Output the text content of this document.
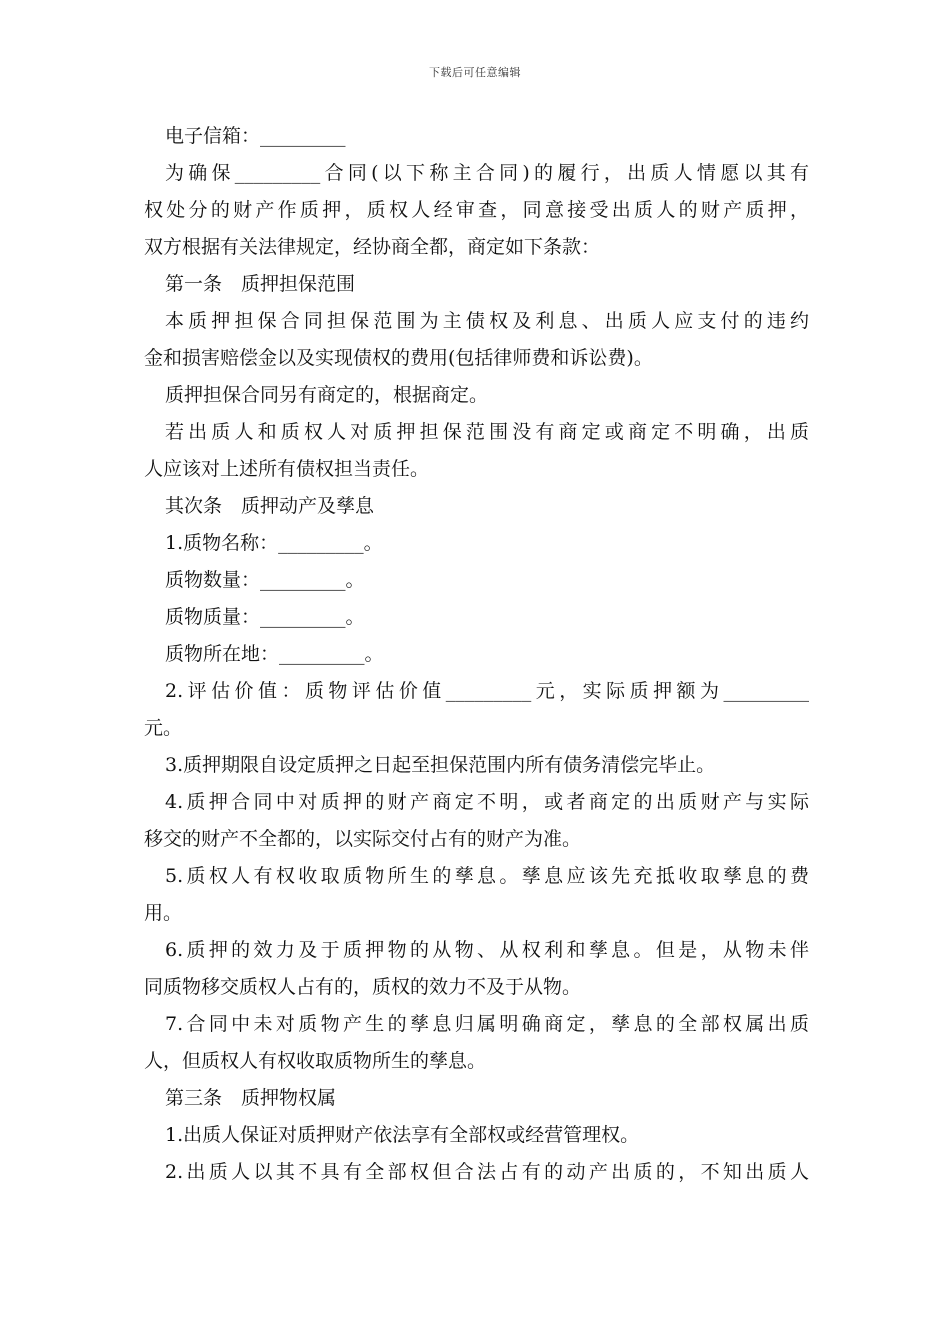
下载后可任意编辑
电子信箱：_________
为确保_________合同(以下称主合同)的履行，出质人情愿以其有
权处分的财产作质押，质权人经审查，同意接受出质人的财产质押，
双方根据有关法律规定，经协商全都，商定如下条款：
第一条　质押担保范围
本质押担保合同担保范围为主债权及利息、出质人应支付的违约
金和损害赔偿金以及实现债权的费用(包括律师费和诉讼费)。
质押担保合同另有商定的，根据商定。
若出质人和质权人对质押担保范围没有商定或商定不明确，出质
人应该对上述所有债权担当责任。
其次条　质押动产及孳息
1.质物名称：_________。
质物数量：_________。
质物质量：_________。
质物所在地：_________。
2.评估价值：质物评估价值_________元，实际质押额为_________
元。
3.质押期限自设定质押之日起至担保范围内所有债务清偿完毕止。
4.质押合同中对质押的财产商定不明，或者商定的出质财产与实际
移交的财产不全都的，以实际交付占有的财产为准。
5.质权人有权收取质物所生的孳息。孳息应该先充抵收取孳息的费
用。
6.质押的效力及于质押物的从物、从权利和孳息。但是，从物未伴
同质物移交质权人占有的，质权的效力不及于从物。
7.合同中未对质物产生的孳息归属明确商定，孳息的全部权属出质
人，但质权人有权收取质物所生的孳息。
第三条　质押物权属
1.出质人保证对质押财产依法享有全部权或经营管理权。
2.出质人以其不具有全部权但合法占有的动产出质的，不知出质人
